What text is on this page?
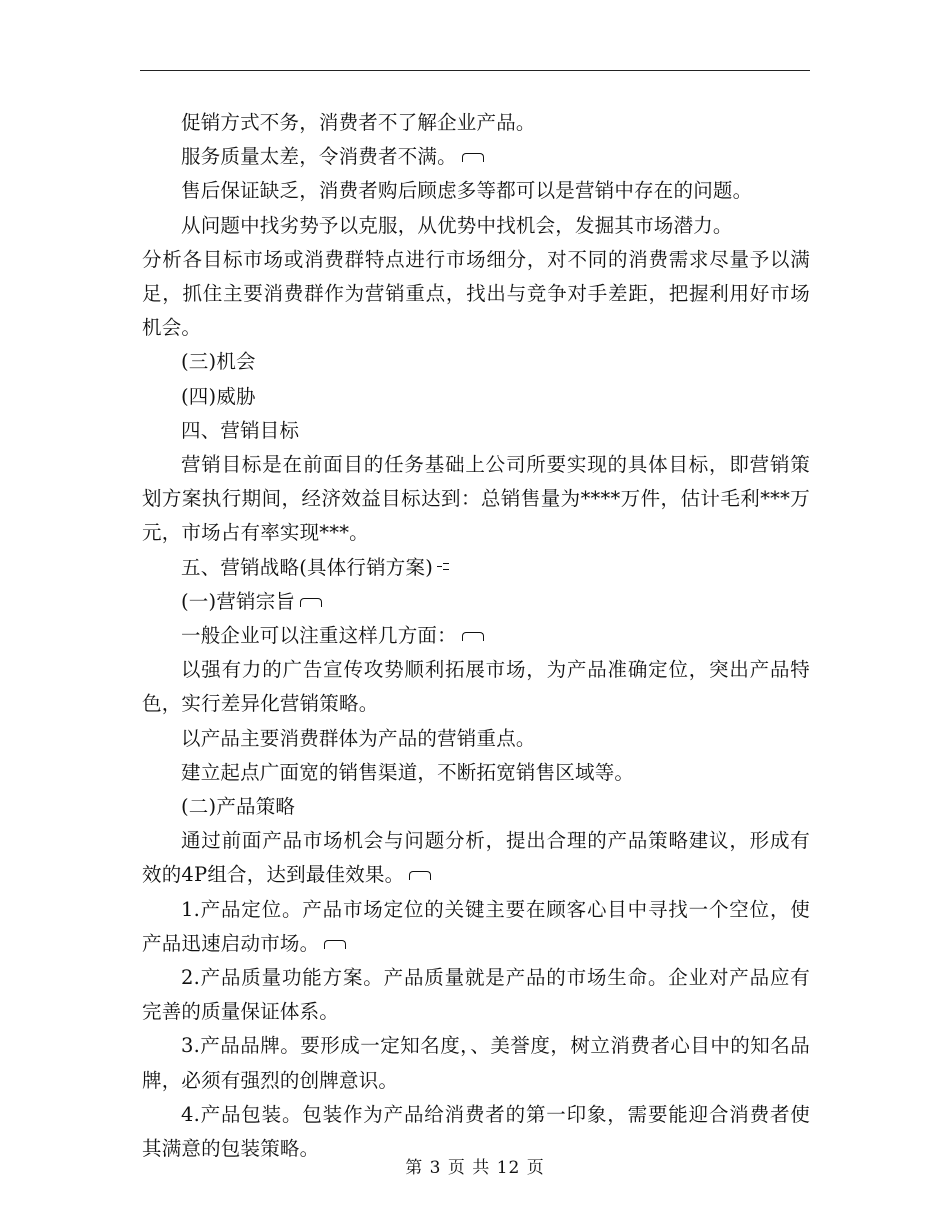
促销方式不务，消费者不了解企业产品。

服务质量太差，令消费者不满。

售后保证缺乏，消费者购后顾虑多等都可以是营销中存在的问题。

从问题中找劣势予以克服，从优势中找机会，发掘其市场潜力。

分析各目标市场或消费群特点进行市场细分，对不同的消费需求尽量予以满足，抓住主要消费群作为营销重点，找出与竞争对手差距，把握利用好市场机会。

(三)机会

(四)威胁

四、营销目标

营销目标是在前面目的任务基础上公司所要实现的具体目标，即营销策划方案执行期间，经济效益目标达到：总销售量为****万件，估计毛利***万元，市场占有率实现***。

五、营销战略(具体行销方案)

(一)营销宗旨

一般企业可以注重这样几方面：

以强有力的广告宣传攻势顺利拓展市场，为产品准确定位，突出产品特色，实行差异化营销策略。

以产品主要消费群体为产品的营销重点。

建立起点广面宽的销售渠道，不断拓宽销售区域等。

(二)产品策略

通过前面产品市场机会与问题分析，提出合理的产品策略建议，形成有效的4P组合，达到最佳效果。

1.产品定位。产品市场定位的关键主要在顾客心目中寻找一个空位，使产品迅速启动市场。

2.产品质量功能方案。产品质量就是产品的市场生命。企业对产品应有完善的质量保证体系。

3.产品品牌。要形成一定知名度，、美誉度，树立消费者心目中的知名品牌，必须有强烈的创牌意识。

4.产品包装。包装作为产品给消费者的第一印象，需要能迎合消费者使其满意的包装策略。

第 3 页 共 12 页
